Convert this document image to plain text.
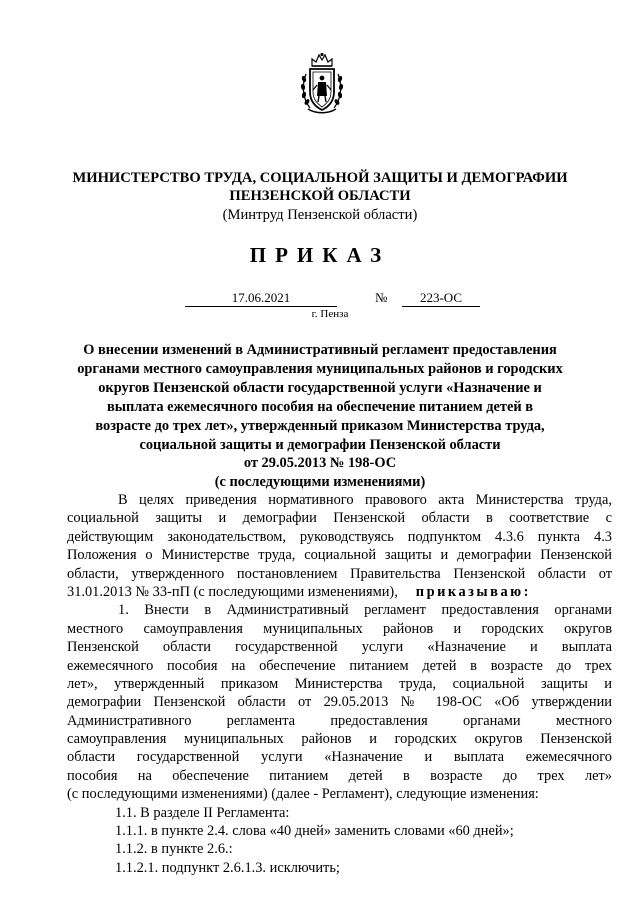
МИНИСТЕРСТВО ТРУДА, СОЦИАЛЬНОЙ ЗАЩИТЫ И ДЕМОГРАФИИ
ПЕНЗЕНСКОЙ ОБЛАСТИ
(Минтруд Пензенской области)
ПРИКАЗ
17.06.2021	№	223-ОС
г. Пенза
О внесении изменений в Административный регламент предоставления
органами местного самоуправления муниципальных районов и городских
округов Пензенской области государственной услуги «Назначение и
выплата ежемесячного пособия на обеспечение питанием детей в
возрасте до трех лет», утвержденный приказом Министерства труда,
социальной защиты и демографии Пензенской области
от 29.05.2013 № 198-ОС
(с последующими изменениями)
В целях приведения нормативного правового акта Министерства труда,
социальной защиты и демографии Пензенской области в соответствие с
действующим законодательством, руководствуясь подпунктом 4.3.6 пункта 4.3
Положения о Министерстве труда, социальной защиты и демографии Пензенской
области, утвержденного постановлением Правительства Пензенской области от
31.01.2013 № 33-пП (с последующими изменениями), приказываю:
1. Внести в Административный регламент предоставления органами
местного самоуправления муниципальных районов и городских округов
Пензенской области государственной услуги «Назначение и выплата
ежемесячного пособия на обеспечение питанием детей в возрасте до трех
лет», утвержденный приказом Министерства труда, социальной защиты и
демографии Пензенской области от 29.05.2013 № 198-ОС «Об утверждении
Административного регламента предоставления органами местного
самоуправления муниципальных районов и городских округов Пензенской
области государственной услуги «Назначение и выплата ежемесячного
пособия на обеспечение питанием детей в возрасте до трех лет»
(с последующими изменениями) (далее - Регламент), следующие изменения:
1.1. В разделе II Регламента:
1.1.1. в пункте 2.4. слова «40 дней» заменить словами «60 дней»;
1.1.2. в пункте 2.6.:
1.1.2.1. подпункт 2.6.1.3. исключить;
